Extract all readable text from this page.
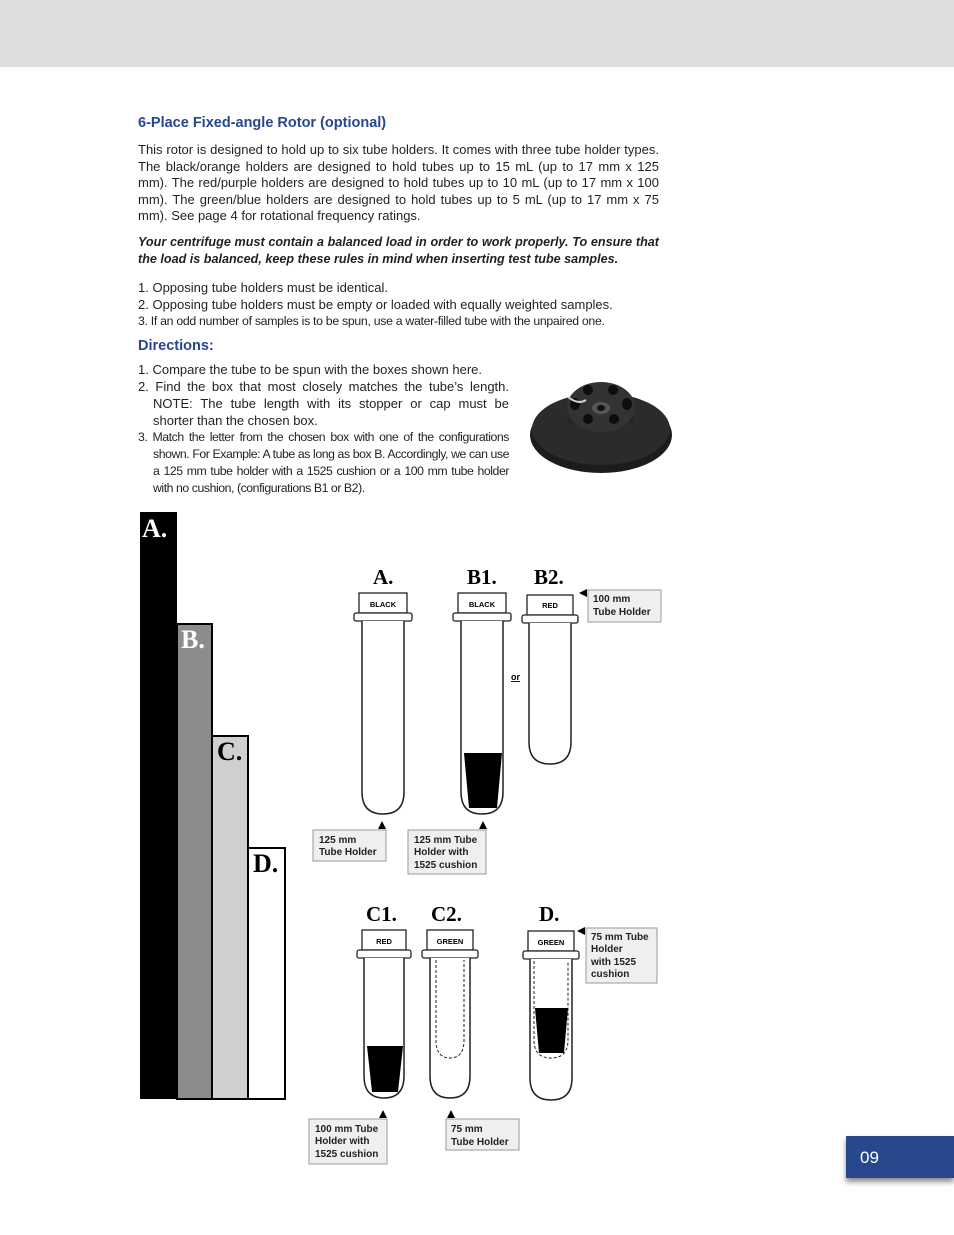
6-Place Fixed-angle Rotor (optional)
This rotor is designed to hold up to six tube holders. It comes with three tube holder types. The black/orange holders are designed to hold tubes up to 15 mL (up to 17 mm x 125 mm). The red/purple holders are designed to hold tubes up to 10 mL (up to 17 mm x 100 mm). The green/blue holders are designed to hold tubes up to 5 mL (up to 17 mm x 75 mm). See page 4 for rotational frequency ratings.
Your centrifuge must contain a balanced load in order to work properly. To ensure that the load is balanced, keep these rules in mind when inserting test tube samples.
1. Opposing tube holders must be identical.
2. Opposing tube holders must be empty or loaded with equally weighted samples.
3. If an odd number of samples is to be spun, use a water-filled tube with the unpaired one.
Directions:
1. Compare the tube to be spun with the boxes shown here.
2. Find the box that most closely matches the tube’s length. NOTE: The tube length with its stopper or cap must be shorter than the chosen box.
3. Match the letter from the chosen box with one of the configurations shown. For Example: A tube as long as box B. Accordingly, we can use a 125 mm tube holder with a 1525 cushion or a 100 mm tube holder with no cushion, (configurations B1 or B2).
A.
B.
C.
D.
A.	B1. B2.
C1. C2.	D.
BLACK	BLACK
or
RED
RED	GREEN	GREEN
100 mm
Tube Holder
125 mm
Tube Holder
125 mm Tube
Holder with
1525 cushion
75 mm Tube
Holder
with 1525
cushion
100 mm Tube
Holder with
1525 cushion
75 mm
Tube Holder
09
